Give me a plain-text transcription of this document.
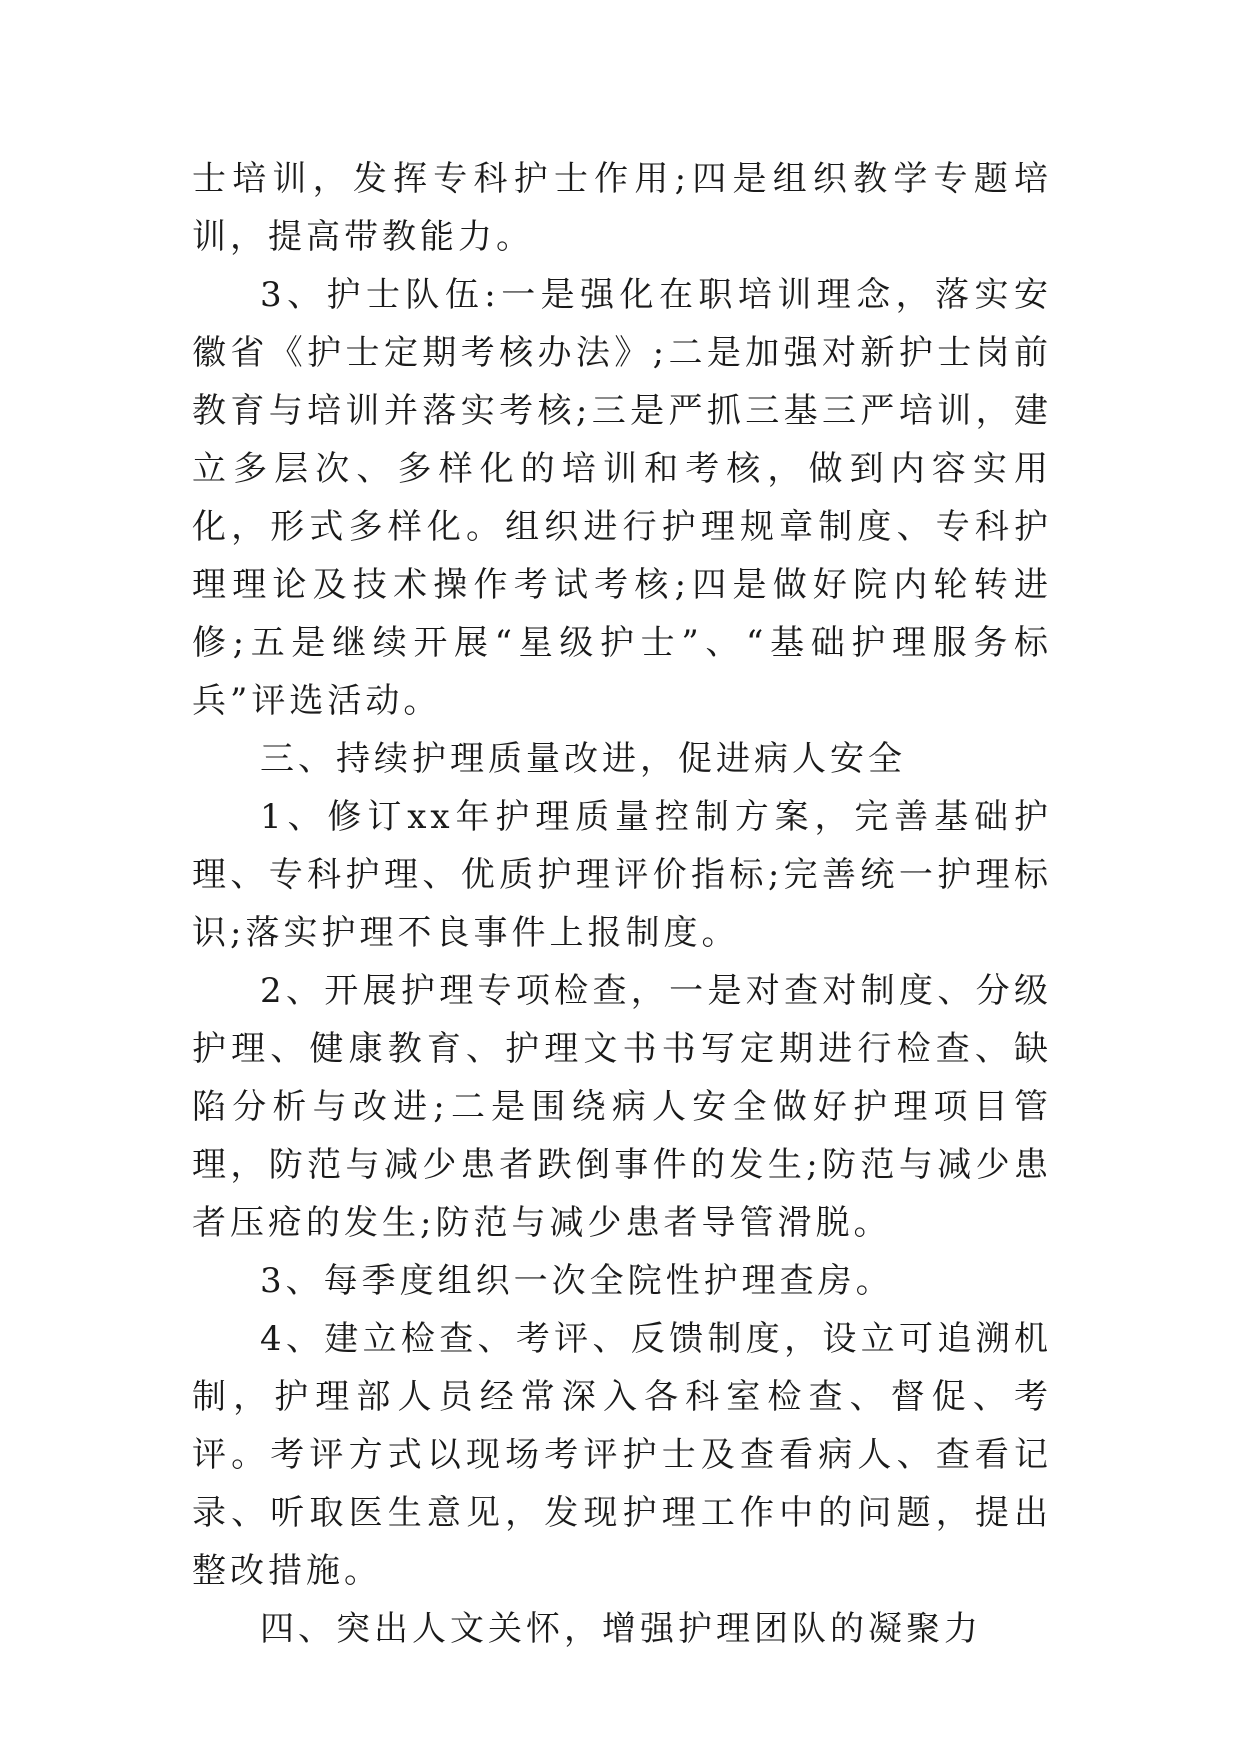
士培训，发挥专科护士作用;四是组织教学专题培训，提高带教能力。

3、护士队伍:一是强化在职培训理念，落实安徽省《护士定期考核办法》;二是加强对新护士岗前教育与培训并落实考核;三是严抓三基三严培训，建立多层次、多样化的培训和考核，做到内容实用化，形式多样化。组织进行护理规章制度、专科护理理论及技术操作考试考核;四是做好院内轮转进修;五是继续开展“星级护士”、“基础护理服务标兵”评选活动。

三、持续护理质量改进，促进病人安全

1、修订xx年护理质量控制方案，完善基础护理、专科护理、优质护理评价指标;完善统一护理标识;落实护理不良事件上报制度。

2、开展护理专项检查，一是对查对制度、分级护理、健康教育、护理文书书写定期进行检查、缺陷分析与改进;二是围绕病人安全做好护理项目管理，防范与减少患者跌倒事件的发生;防范与减少患者压疮的发生;防范与减少患者导管滑脱。

3、每季度组织一次全院性护理查房。

4、建立检查、考评、反馈制度，设立可追溯机制，护理部人员经常深入各科室检查、督促、考评。考评方式以现场考评护士及查看病人、查看记录、听取医生意见，发现护理工作中的问题，提出整改措施。

四、突出人文关怀，增强护理团队的凝聚力
